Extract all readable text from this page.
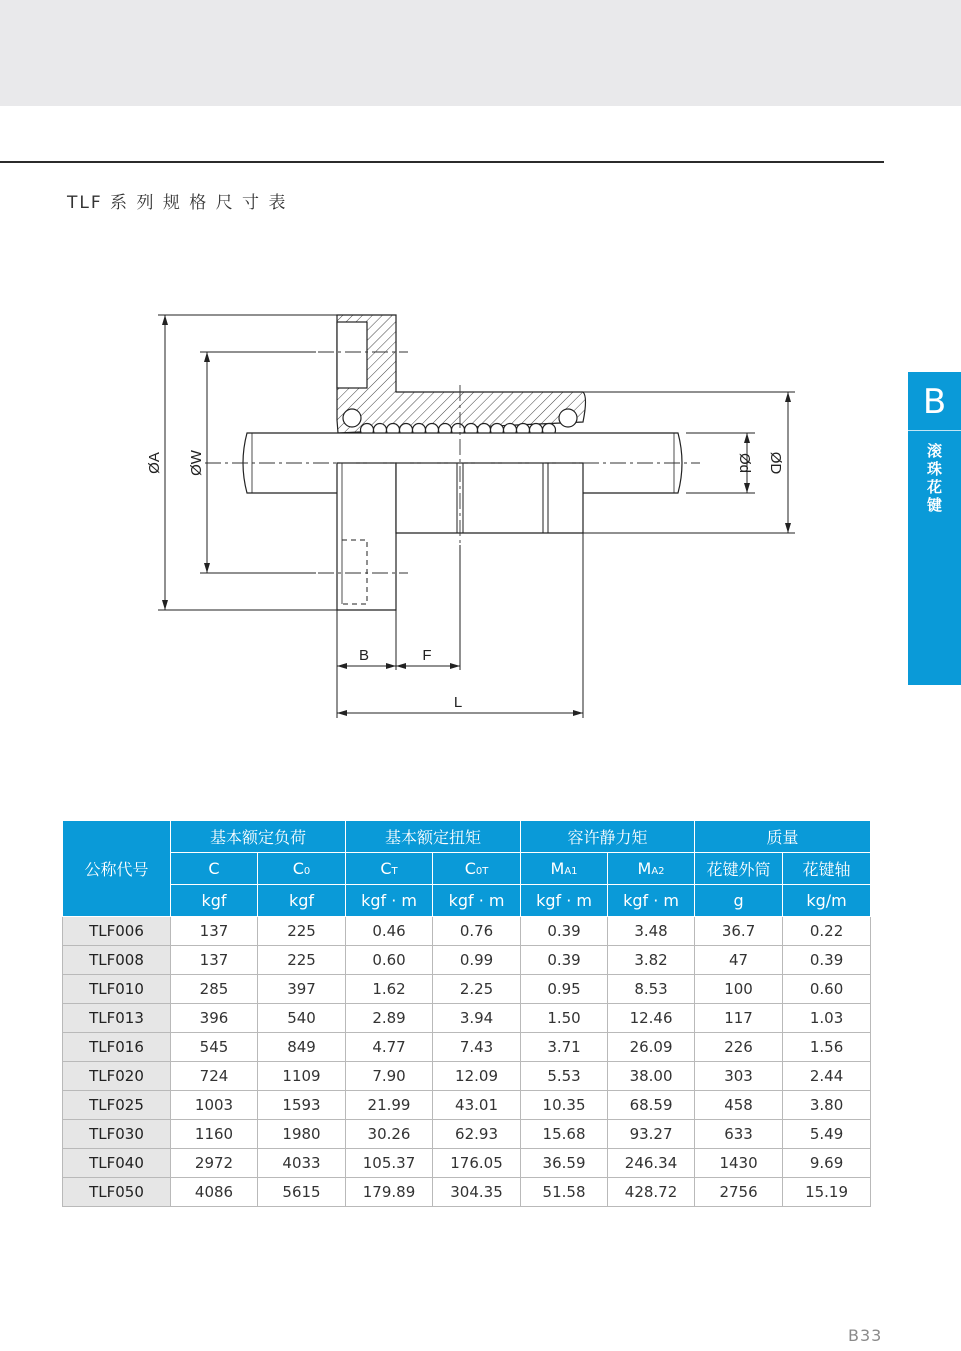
TLF 系 列 规 格 尺 寸 表
B
滚
珠
花
键
ØA ØW	Ød ØD
B	F
L
公称代号	基本额定负荷		基本额定扭矩		容许静力矩		质量	
	C	C0	CT	C0T	MA1	MA2	花键外筒	花键轴
	kgf	kgf	kgf · m	kgf · m	kgf · m	kgf · m	g	kg/m
TLF006	137	225	0.46	0.76	0.39	3.48	36.7	0.22
TLF008	137	225	0.60	0.99	0.39	3.82	47	0.39
TLF010	285	397	1.62	2.25	0.95	8.53	100	0.60
TLF013	396	540	2.89	3.94	1.50	12.46	117	1.03
TLF016	545	849	4.77	7.43	3.71	26.09	226	1.56
TLF020	724	1109	7.90	12.09	5.53	38.00	303	2.44
TLF025	1003	1593	21.99	43.01	10.35	68.59	458	3.80
TLF030	1160	1980	30.26	62.93	15.68	93.27	633	5.49
TLF040	2972	4033	105.37	176.05	36.59	246.34	1430	9.69
TLF050	4086	5615	179.89	304.35	51.58	428.72	2756	15.19
B33
